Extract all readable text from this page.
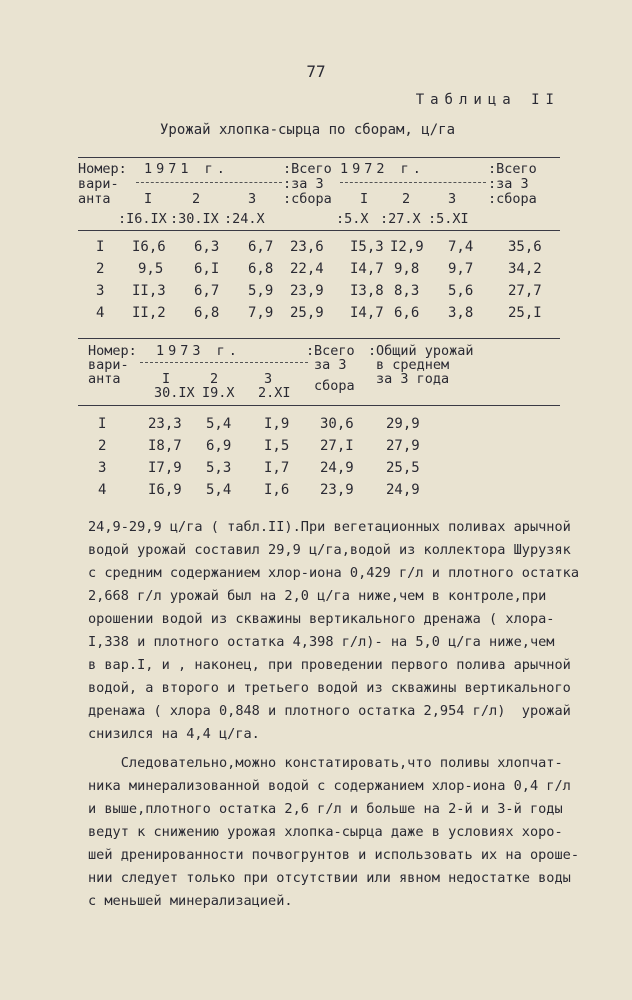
77
Таблица II
Урожай хлопка-сырца по сборам, ц/га
Номер:
вари-
анта
1971 г.	:Всего
:за 3
:сбора
1972 г.	:Всего
:за 3
:сбора
I	2	3	I	2	3
:I6.IX :30.IX :24.X	:5.X :27.X :5.XI
I I6,6 6,3 6,7 23,6 I5,3 I2,9 7,4 35,6
2 9,5 6,I 6,8 22,4 I4,7 9,8 9,7 34,2
3 II,3 6,7 5,9 23,9 I3,8 8,3 5,6 27,7
4 II,2 6,8 7,9 25,9 I4,7 6,6 3,8 25,I
Номер:
вари-
анта
1973 г.	: Всего
за 3
сбора
: Общий урожай
в среднем
за 3 года
I	2	3
30.IX I9.X 2.XI
I	23,3 5,4 I,9 30,6 29,9
2	I8,7 6,9 I,5 27,I 27,9
3	I7,9 5,3 I,7 24,9 25,5
4	I6,9 5,4 I,6 23,9 24,9
24,9-29,9 ц/га ( табл.II).При вегетационных поливах арычной
водой урожай составил 29,9 ц/га,водой из коллектора Шурузяк
с средним содержанием хлор-иона 0,429 г/л и плотного остатка
2,668 г/л урожай был на 2,0 ц/га ниже,чем в контроле,при
орошении водой из скважины вертикального дренажа ( хлора-
I,338 и плотного остатка 4,398 г/л)- на 5,0 ц/га ниже,чем
в вар.I, и , наконец, при проведении первого полива арычной
водой, а второго и третьего водой из скважины вертикального
дренажа ( хлора 0,848 и плотного остатка 2,954 г/л)  урожай
снизился на 4,4 ц/га.
Следовательно,можно констатировать,что поливы хлопчат-
ника минерализованной водой с содержанием хлор-иона 0,4 г/л
и выше,плотного остатка 2,6 г/л и больше на 2-й и 3-й годы
ведут к снижению урожая хлопка-сырца даже в условиях хоро-
шей дренированности почвогрунтов и использовать их на ороше-
нии следует только при отсутствии или явном недостатке воды
с меньшей минерализацией.
